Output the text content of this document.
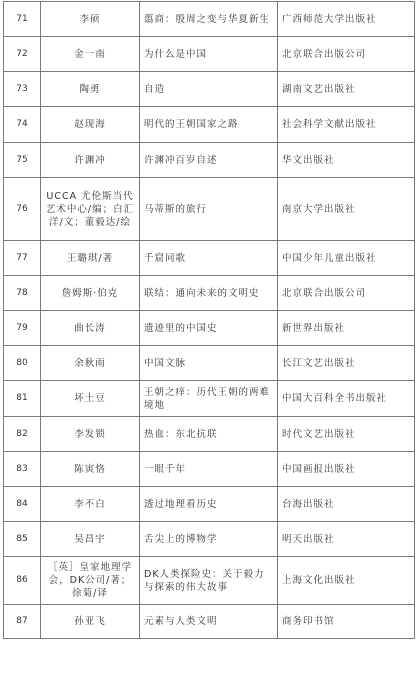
71	李硕	翦商：殷周之变与华夏新生	广西师范大学出版社
72	金一南	为什么是中国	北京联合出版公司
73	陶勇	自造	湖南文艺出版社
74	赵现海	明代的王朝国家之路	社会科学文献出版社
75	许渊冲	许渊冲百岁自述	华文出版社
76	UCCA 尤伦斯当代艺术中心/编；白汇洋/文；董毅达/绘	马蒂斯的旅行	南京大学出版社
77	王璐琪/著	千窟同歌	中国少年儿童出版社
78	詹姆斯·伯克	联结：通向未来的文明史	北京联合出版公司
79	曲长涛	遗迹里的中国史	新世界出版社
80	余秋雨	中国文脉	长江文艺出版社
81	坏土豆	王朝之痒：历代王朝的两难境地	中国大百科全书出版社
82	李发锁	热血：东北抗联	时代文艺出版社
83	陈寅恪	一眼千年	中国画报出版社
84	李不白	透过地理看历史	台海出版社
85	吴昌宇	舌尖上的博物学	明天出版社
86	［英］皇家地理学会，DK公司/著；徐菊/译	DK人类探险史：关于毅力与探索的伟大故事	上海文化出版社
87	孙亚飞	元素与人类文明	商务印书馆
